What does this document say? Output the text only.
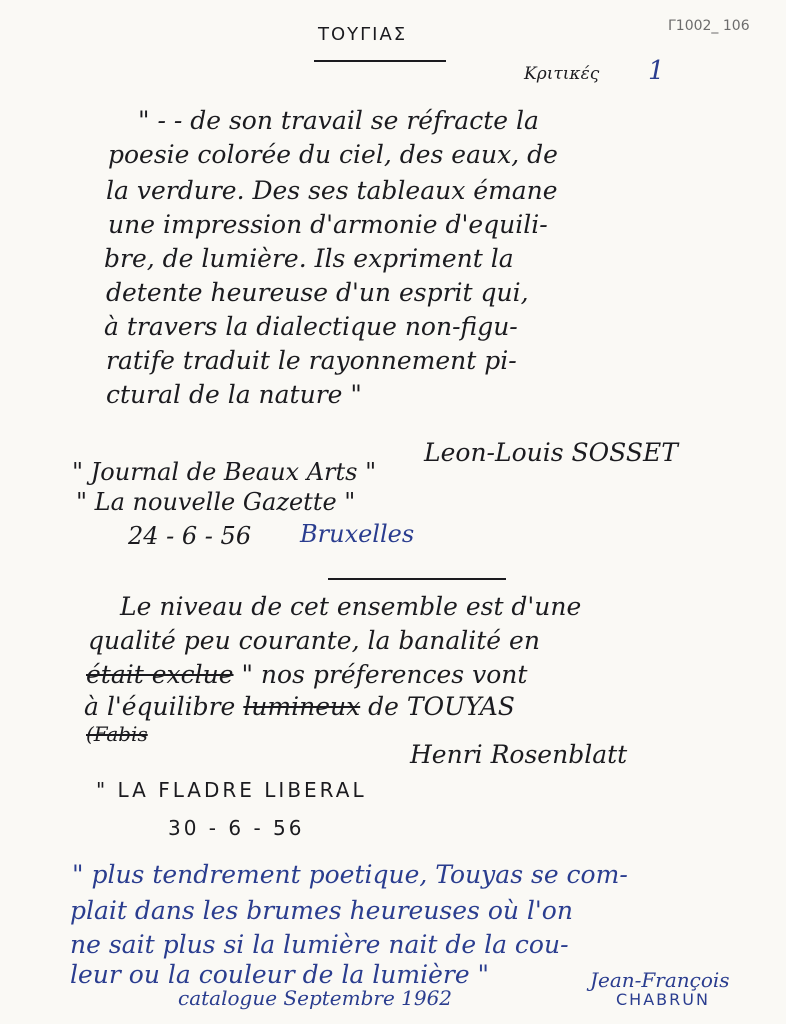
ΤΟΥΓΙΑΣ	Γ1002_ 106
Κριτικές 1
" - - de son travail se réfracte la
poesie colorée du ciel, des eaux, de
la verdure. Des ses tableaux émane
une impression d'armonie d'equili-
bre, de lumière. Ils expriment la
detente heureuse d'un esprit qui,
à travers la dialectique non-figu-
ratife traduit le rayonnement pi-
ctural de la nature "
Leon-Louis SOSSET
" Journal de Beaux Arts "
" La nouvelle Gazette "
24 - 6 - 56 Bruxelles
Le niveau de cet ensemble est d'une
qualité peu courante, la banalité en
était exclue " nos préferences vont
à l'équilibre lumineux de TOUYAS
(Fabis
Henri Rosenblatt
" LA FLADRE LIBERAL
30 - 6 - 56
" plus tendrement poetique, Touyas se com-
plait dans les brumes heureuses où l'on
ne sait plus si la lumière nait de la cou-
leur ou la couleur de la lumière "	Jean-François
CHABRUN
catalogue Septembre 1962
